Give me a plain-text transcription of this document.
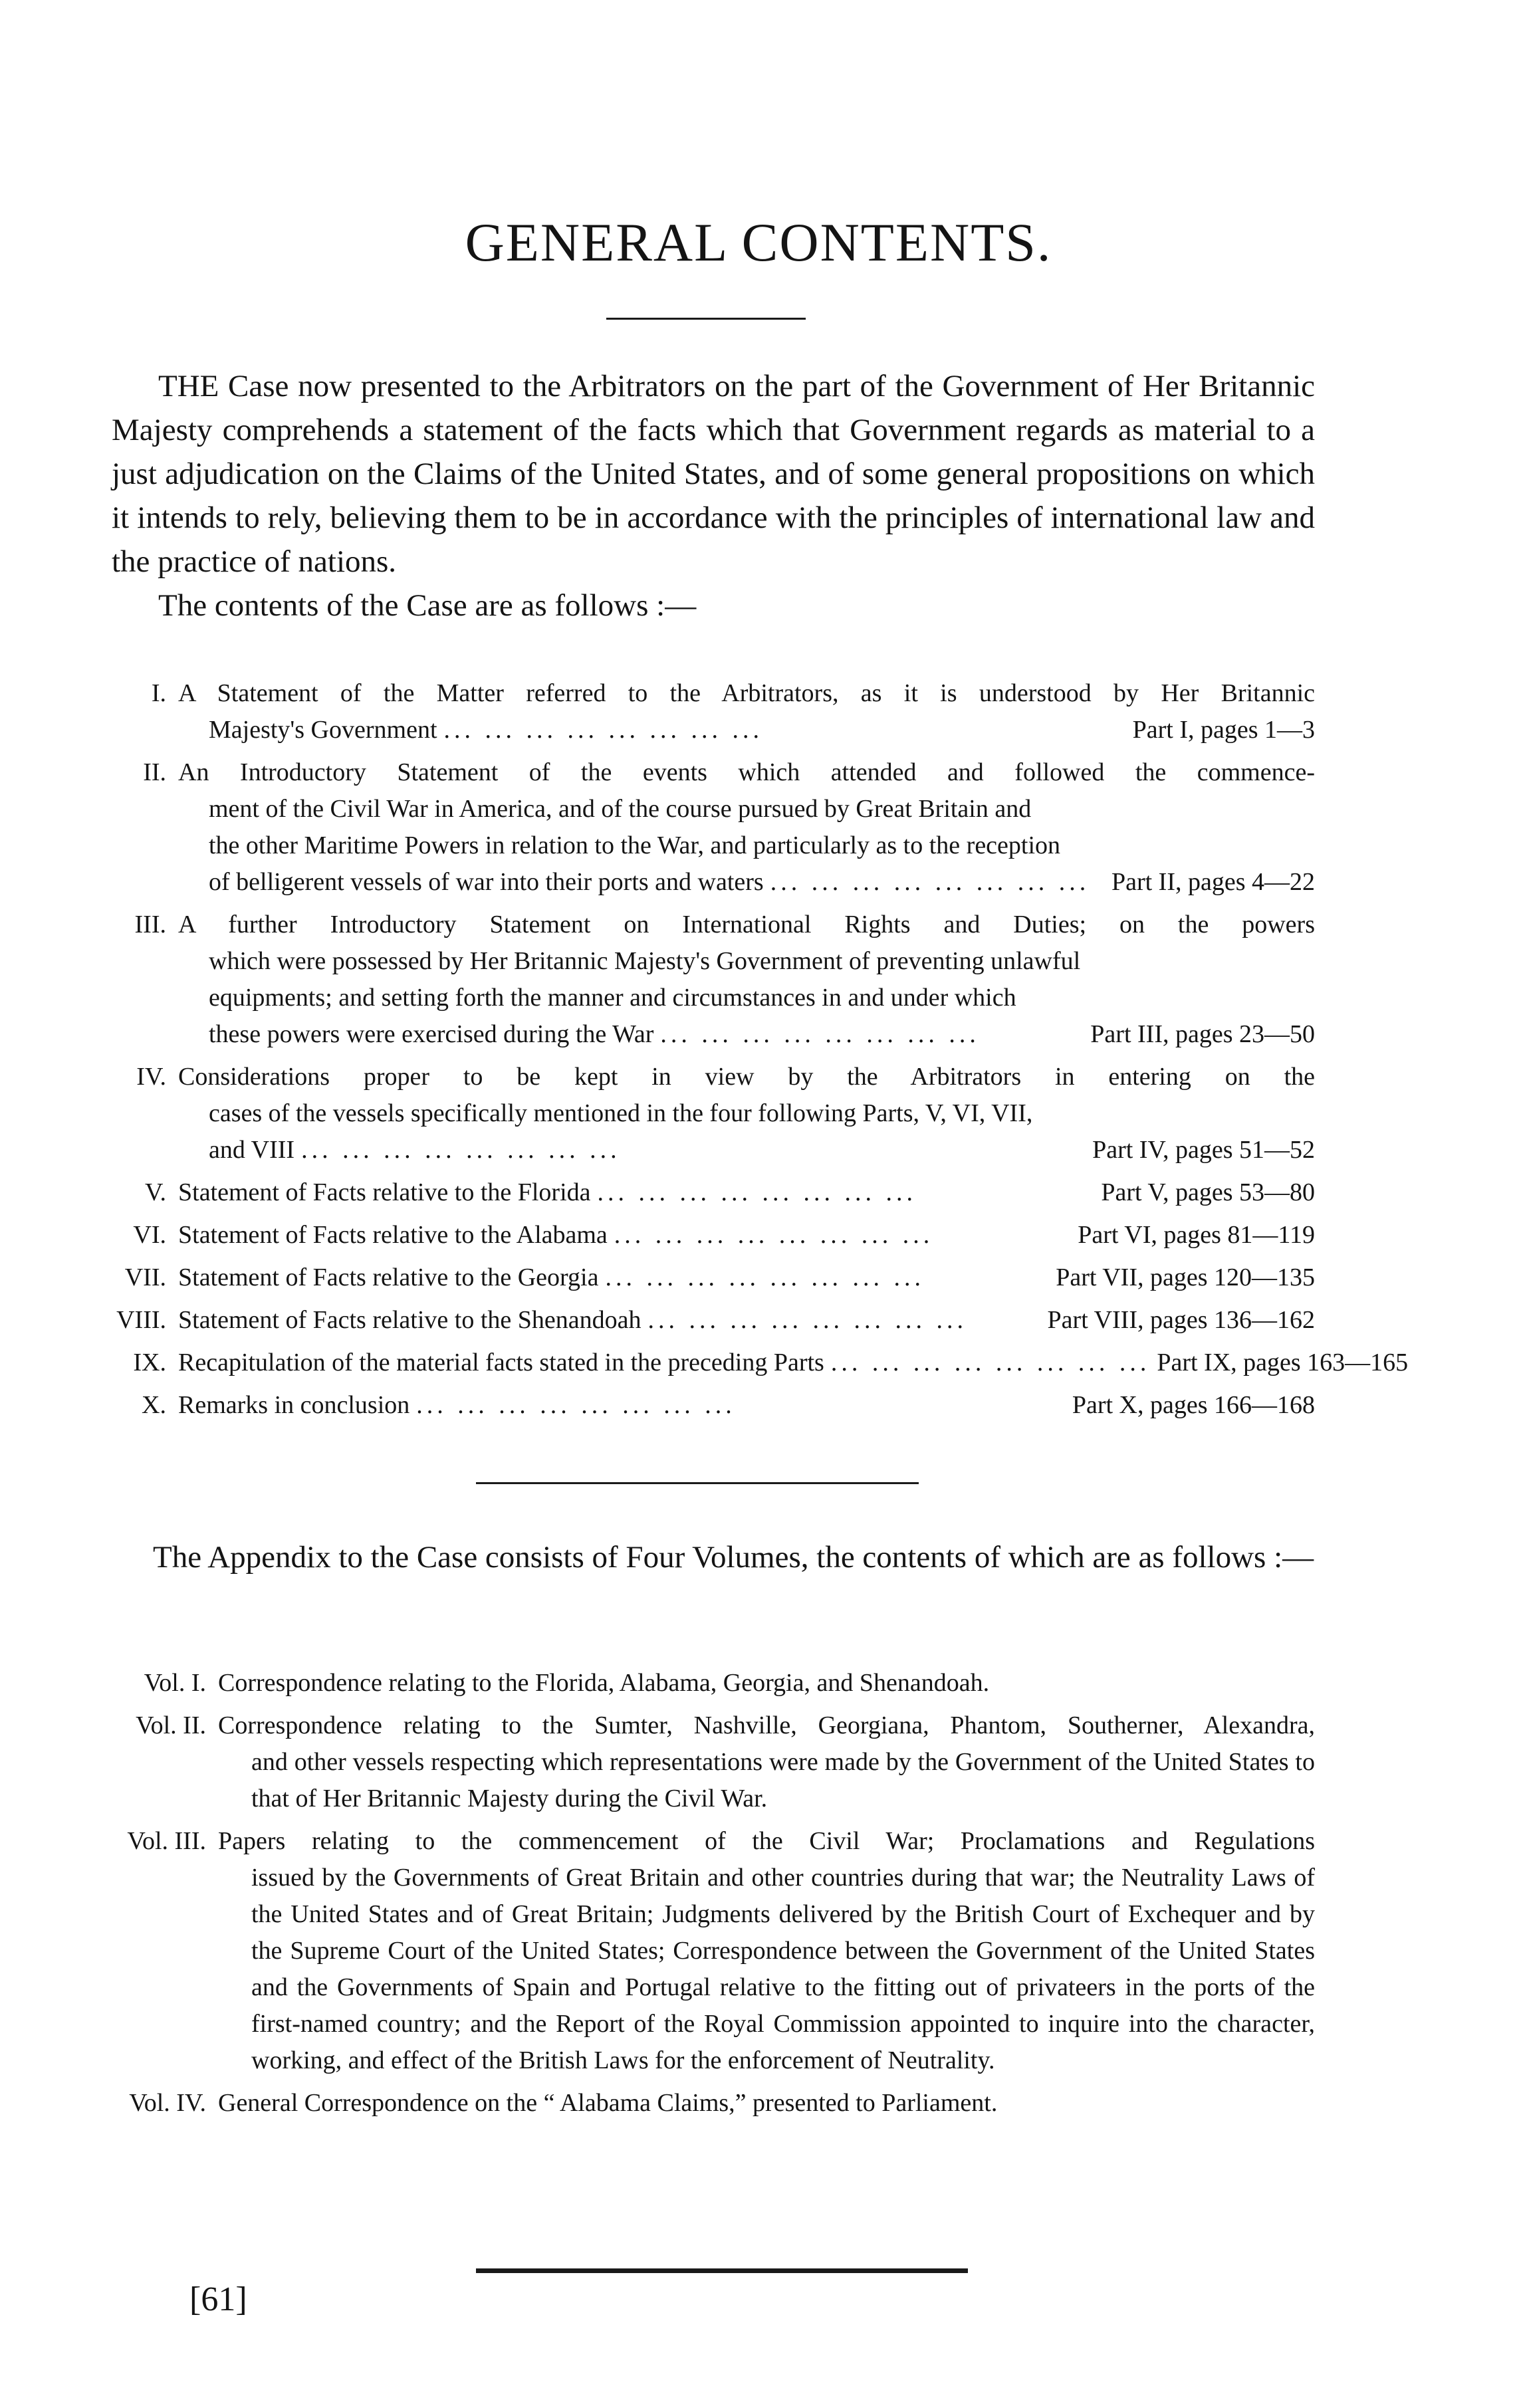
GENERAL CONTENTS.

THE Case now presented to the Arbitrators on the part of the Government of Her Britannic Majesty comprehends a statement of the facts which that Government regards as material to a just adjudication on the Claims of the United States, and of some general propositions on which it intends to rely, believing them to be in accordance with the principles of international law and the practice of nations.

The contents of the Case are as follows :—

I. A Statement of the Matter referred to the Arbitrators, as it is understood by Her Britannic
Majesty's Government ... ... ... ... ... ... ... ...	Part I, pages 1—3
II. An Introductory Statement of the events which attended and followed the commence-
ment of the Civil War in America, and of the course pursued by Great Britain and
the other Maritime Powers in relation to the War, and particularly as to the reception
of belligerent vessels of war into their ports and waters ... ... ... ... ... ... ... ... Part II, pages 4—22
III. A further Introductory Statement on International Rights and Duties; on the powers
which were possessed by Her Britannic Majesty's Government of preventing unlawful
equipments; and setting forth the manner and circumstances in and under which
these powers were exercised during the War ... ... ... ... ... ... ... ...	Part III, pages 23—50
IV. Considerations proper to be kept in view by the Arbitrators in entering on the
cases of the vessels specifically mentioned in the four following Parts, V, VI, VII,
and VIII ... ... ... ... ... ... ... ...	Part IV, pages 51—52
V. Statement of Facts relative to the Florida ... ... ... ... ... ... ... ...	Part V, pages 53—80
VI. Statement of Facts relative to the Alabama ... ... ... ... ... ... ... ...	Part VI, pages 81—119
VII. Statement of Facts relative to the Georgia ... ... ... ... ... ... ... ...	Part VII, pages 120—135
VIII. Statement of Facts relative to the Shenandoah ... ... ... ... ... ... ... ...	Part VIII, pages 136—162
IX. Recapitulation of the material facts stated in the preceding Parts ... ... ... ... ... ... ... ... Part IX, pages 163—165
X. Remarks in conclusion ... ... ... ... ... ... ... ...	Part X, pages 166—168

The Appendix to the Case consists of Four Volumes, the contents of which are as follows :—

Vol. I. Correspondence relating to the Florida, Alabama, Georgia, and Shenandoah.
Vol. II. Correspondence relating to the Sumter, Nashville, Georgiana, Phantom, Southerner, Alexandra,
and other vessels respecting which representations were made by the Government of the United States to that of Her Britannic Majesty during the Civil War.
Vol. III. Papers relating to the commencement of the Civil War; Proclamations and Regulations
issued by the Governments of Great Britain and other countries during that war; the Neutrality Laws of the United States and of Great Britain; Judgments delivered by the British Court of Exchequer and by the Supreme Court of the United States; Correspondence between the Government of the United States and the Governments of Spain and Portugal relative to the fitting out of privateers in the ports of the first-named country; and the Report of the Royal Commission appointed to inquire into the character, working, and effect of the British Laws for the enforcement of Neutrality.
Vol. IV. General Correspondence on the “ Alabama Claims,” presented to Parliament.
[61]
